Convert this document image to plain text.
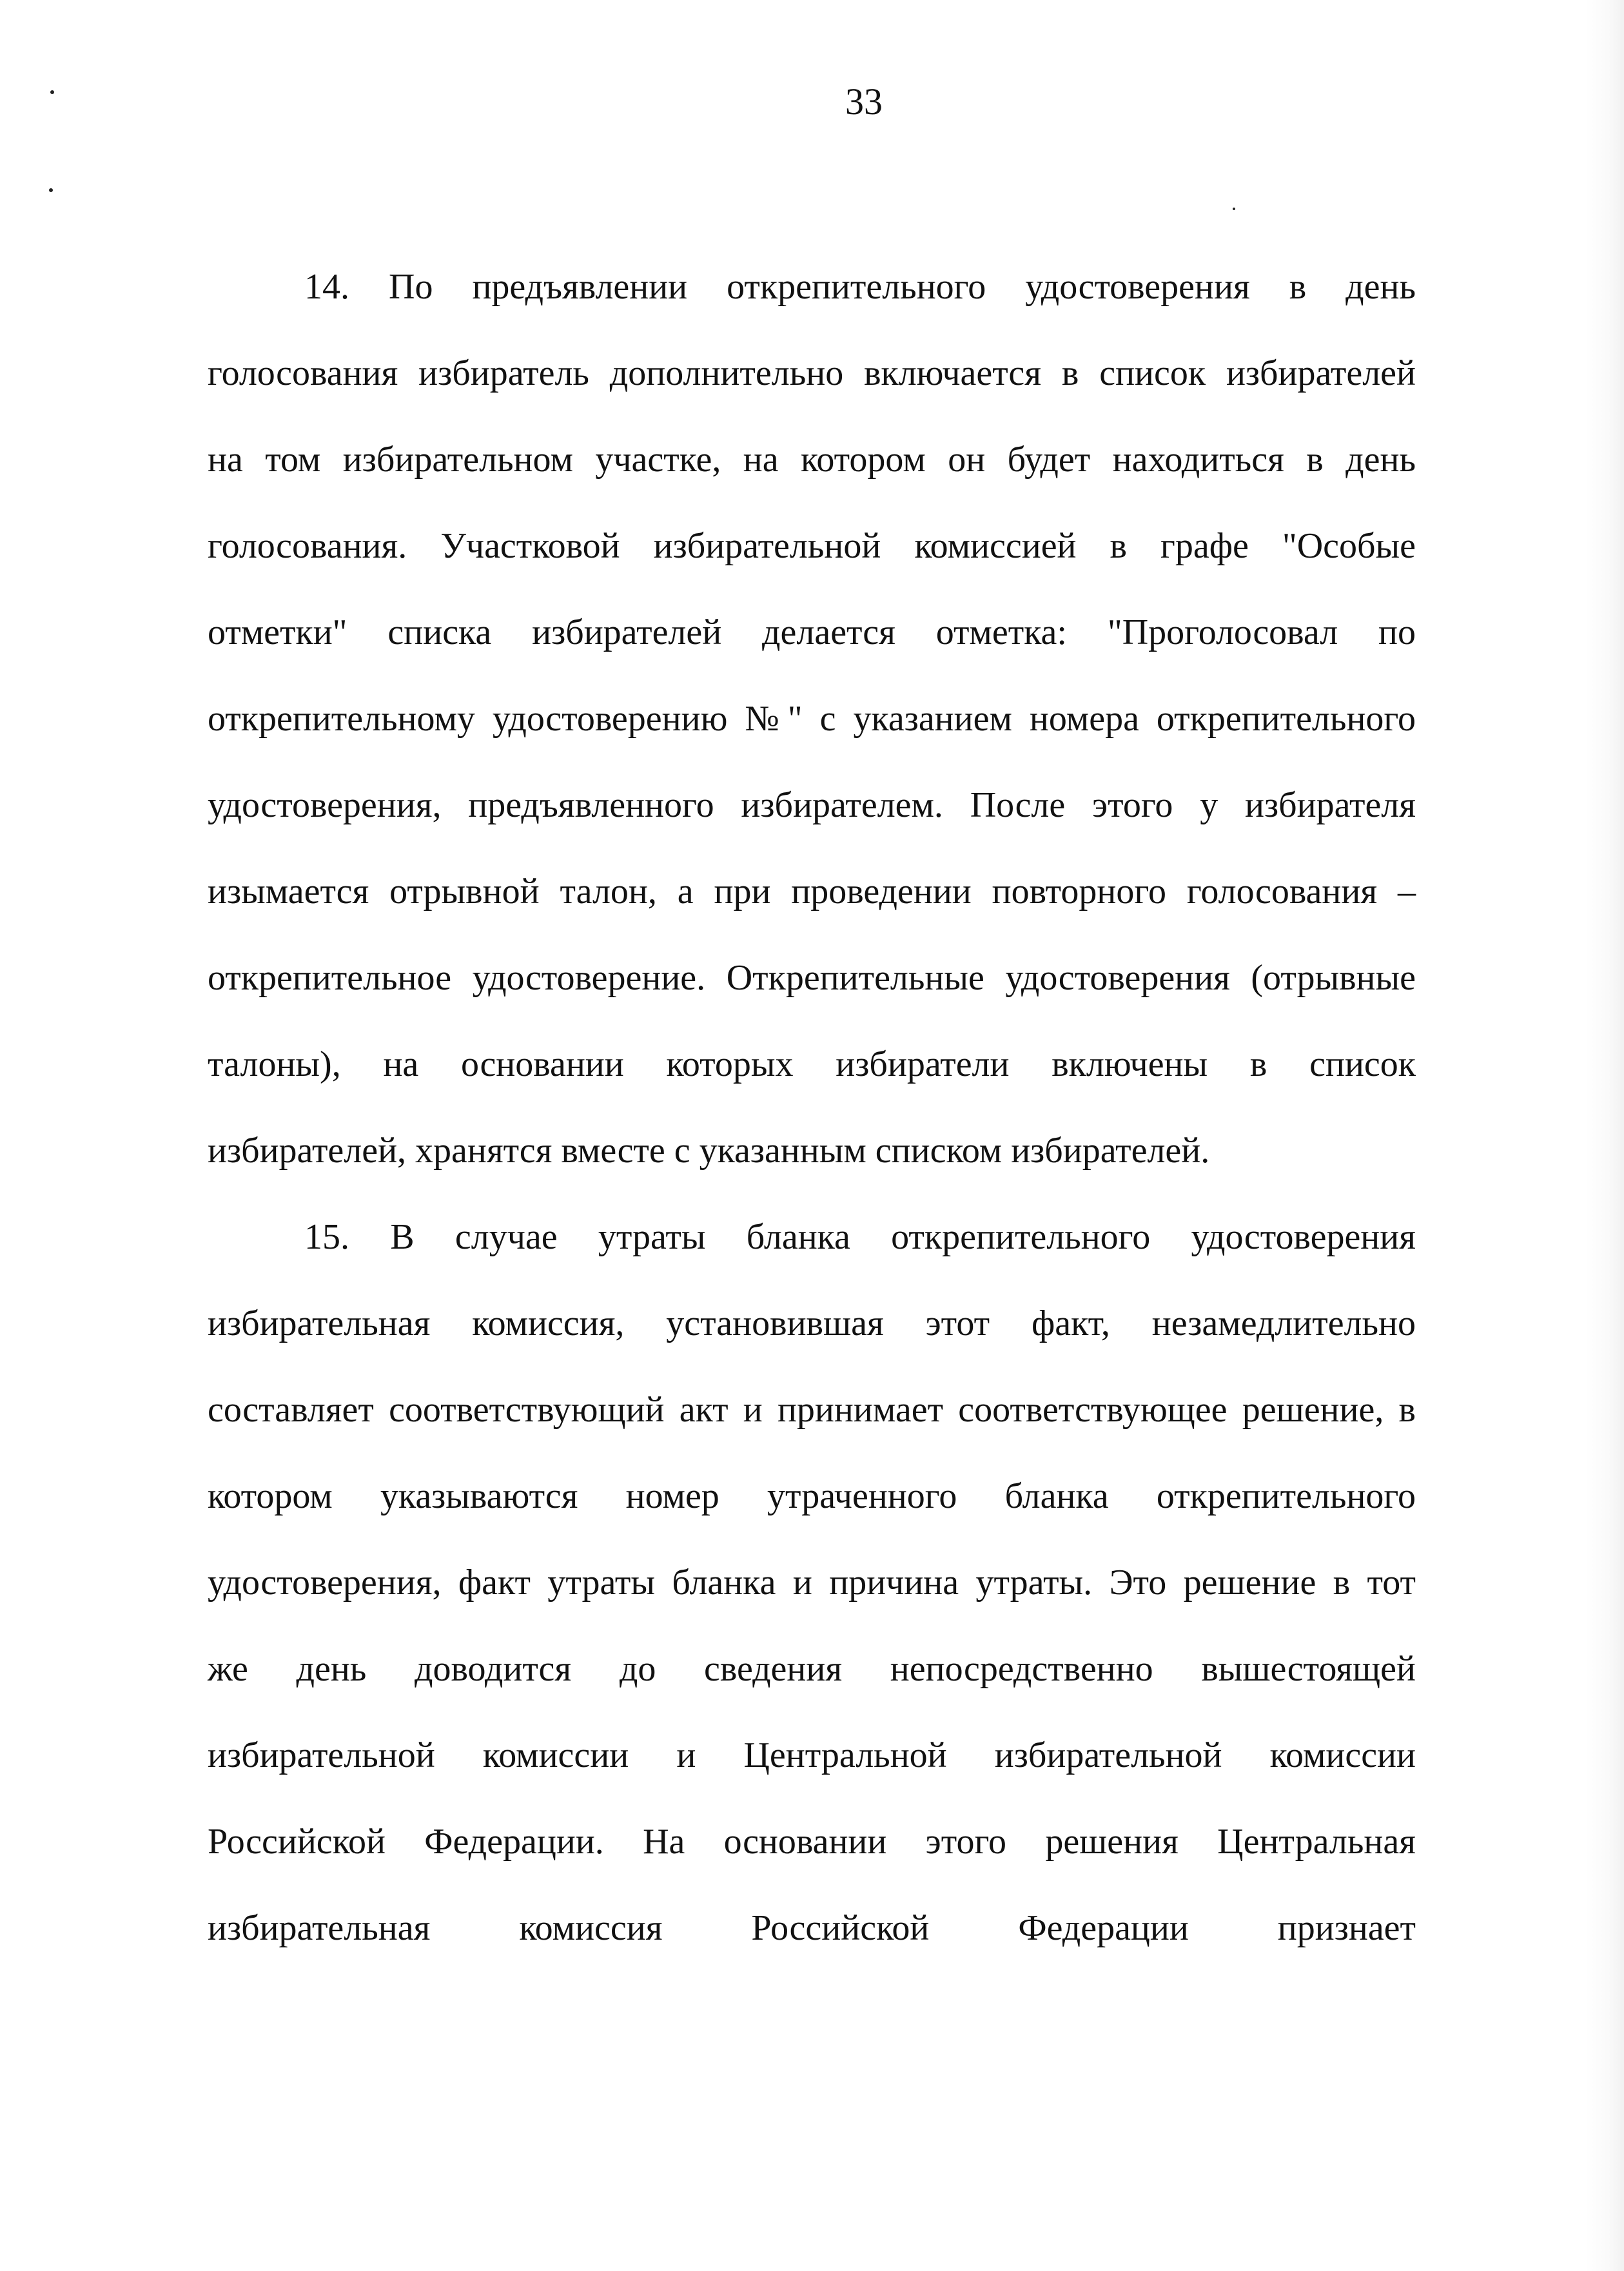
33
14. По предъявлении открепительного удостоверения в день
голосования избиратель дополнительно включается в список избирателей
на том избирательном участке, на котором он будет находиться в день
голосования. Участковой избирательной комиссией в графе "Особые
отметки" списка избирателей делается отметка: "Проголосовал по
открепительному удостоверению №" с указанием номера открепительного
удостоверения, предъявленного избирателем. После этого у избирателя
изымается отрывной талон, а при проведении повторного голосования –
открепительное удостоверение. Открепительные удостоверения (отрывные
талоны), на основании которых избиратели включены в список
избирателей, хранятся вместе с указанным списком избирателей.
15. В случае утраты бланка открепительного удостоверения
избирательная комиссия, установившая этот факт, незамедлительно
составляет соответствующий акт и принимает соответствующее решение, в
котором указываются номер утраченного бланка открепительного
удостоверения, факт утраты бланка и причина утраты. Это решение в тот
же день доводится до сведения непосредственно вышестоящей
избирательной комиссии и Центральной избирательной комиссии
Российской Федерации. На основании этого решения Центральная
избирательная комиссия Российской Федерации признает
